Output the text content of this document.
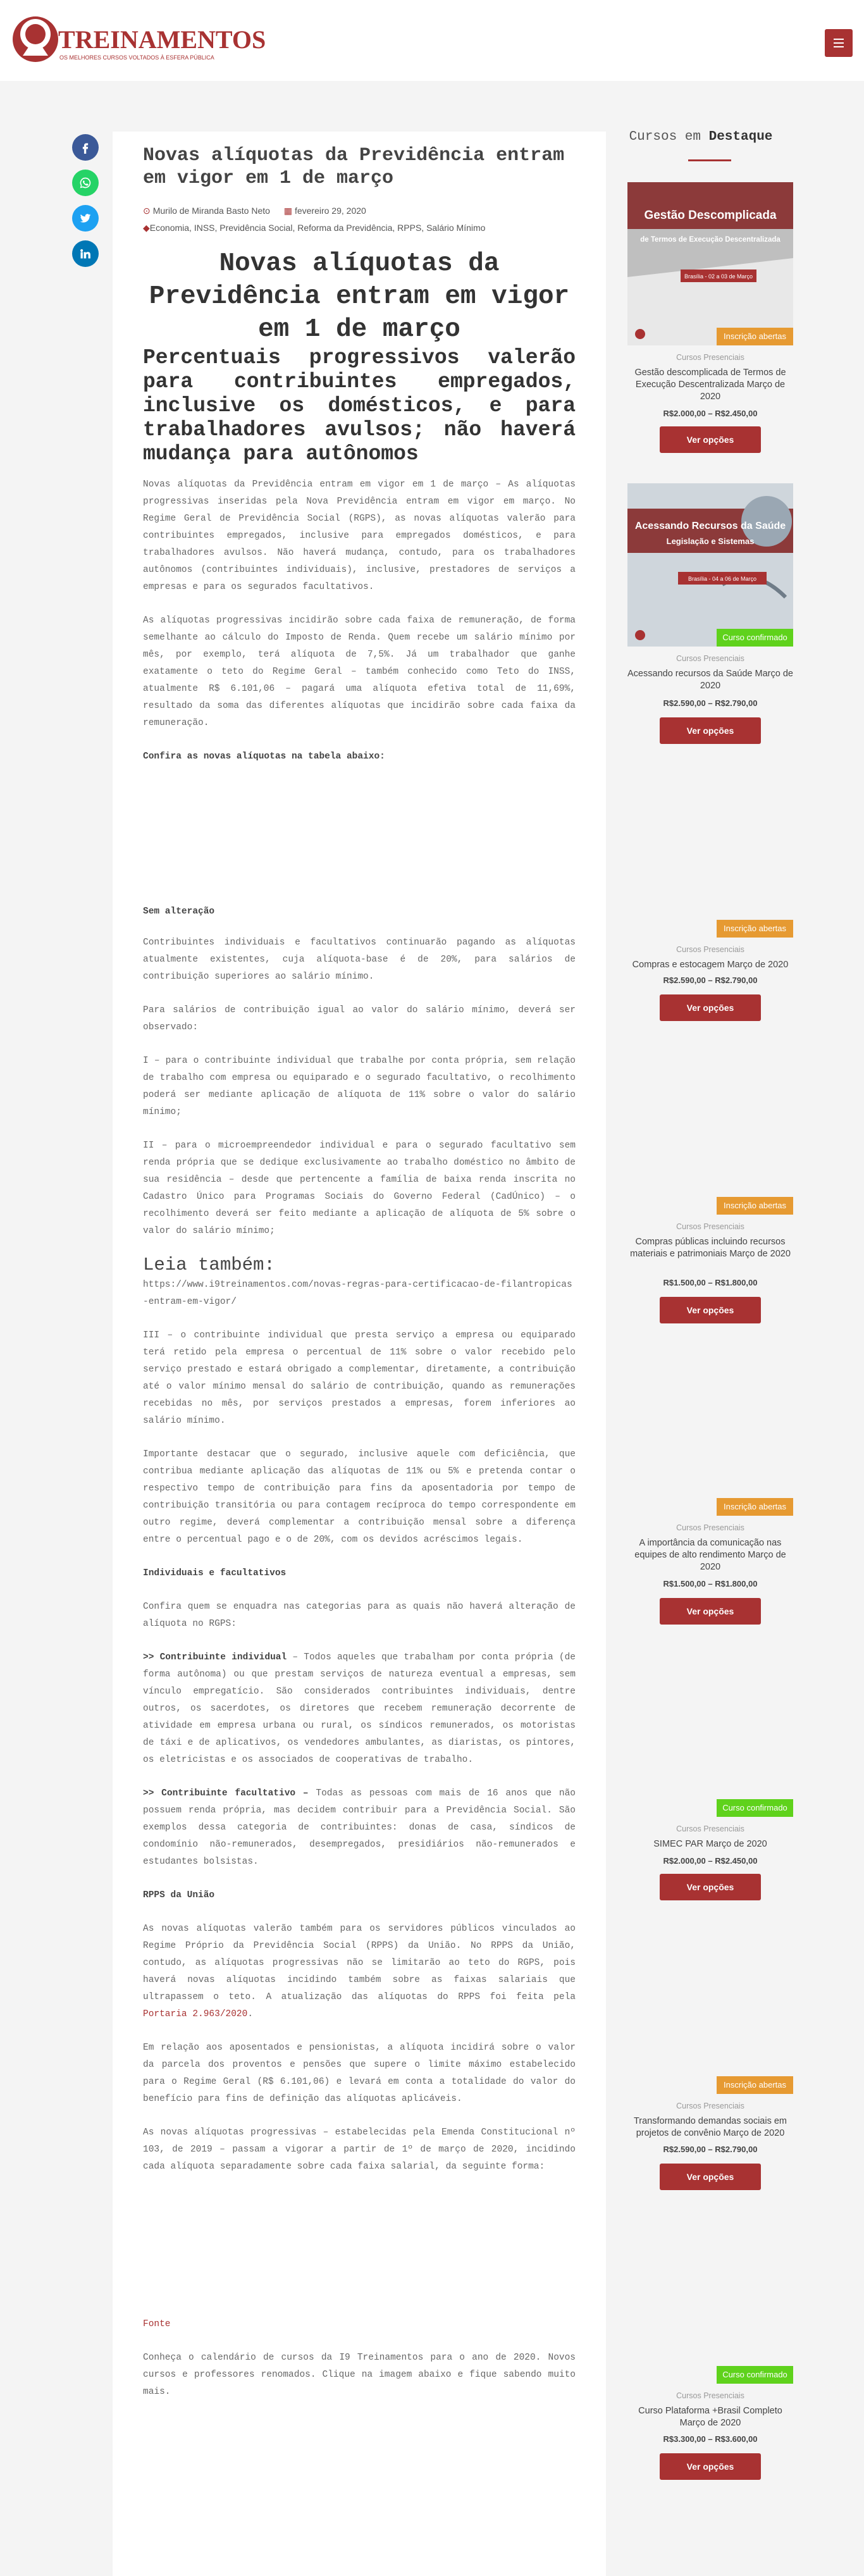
TREINAMENTOS
OS MELHORES CURSOS VOLTADOS À ESFERA PÚBLICA
Novas alíquotas da Previdência entram em vigor em 1 de março
⊙ Murilo de Miranda Basto Neto ▦ fevereiro 29, 2020
◆Economia, INSS, Previdência Social, Reforma da Previdência, RPPS, Salário Mínimo
Novas alíquotas da Previdência entram em vigor em 1 de março
Percentuais progressivos valerão para contribuintes empregados, inclusive os domésticos, e para trabalhadores avulsos; não haverá mudança para autônomos

Novas alíquotas da Previdência entram em vigor em 1 de março – As alíquotas progressivas inseridas pela Nova Previdência entram em vigor em março. No Regime Geral de Previdência Social (RGPS), as novas alíquotas valerão para contribuintes empregados, inclusive para empregados domésticos, e para trabalhadores avulsos. Não haverá mudança, contudo, para os trabalhadores autônomos (contribuintes individuais), inclusive, prestadores de serviços a empresas e para os segurados facultativos.

As alíquotas progressivas incidirão sobre cada faixa de remuneração, de forma semelhante ao cálculo do Imposto de Renda. Quem recebe um salário mínimo por mês, por exemplo, terá alíquota de 7,5%. Já um trabalhador que ganhe exatamente o teto do Regime Geral – também conhecido como Teto do INSS, atualmente R$ 6.101,06 – pagará uma alíquota efetiva total de 11,69%, resultado da soma das diferentes alíquotas que incidirão sobre cada faixa da remuneração.

Confira as novas alíquotas na tabela abaixo:

Sem alteração

Contribuintes individuais e facultativos continuarão pagando as alíquotas atualmente existentes, cuja alíquota-base é de 20%, para salários de contribuição superiores ao salário mínimo.

Para salários de contribuição igual ao valor do salário mínimo, deverá ser observado:

I – para o contribuinte individual que trabalhe por conta própria, sem relação de trabalho com empresa ou equiparado e o segurado facultativo, o recolhimento poderá ser mediante aplicação de alíquota de 11% sobre o valor do salário mínimo;

II – para o microempreendedor individual e para o segurado facultativo sem renda própria que se dedique exclusivamente ao trabalho doméstico no âmbito de sua residência – desde que pertencente a família de baixa renda inscrita no Cadastro Único para Programas Sociais do Governo Federal (CadÚnico) – o recolhimento deverá ser feito mediante a aplicação de alíquota de 5% sobre o valor do salário mínimo;

Leia também:

https://www.i9treinamentos.com/novas-regras-para-certificacao-de-filantropicas-entram-em-vigor/

III – o contribuinte individual que presta serviço a empresa ou equiparado terá retido pela empresa o percentual de 11% sobre o valor recebido pelo serviço prestado e estará obrigado a complementar, diretamente, a contribuição até o valor mínimo mensal do salário de contribuição, quando as remunerações recebidas no mês, por serviços prestados a empresas, forem inferiores ao salário mínimo.

Importante destacar que o segurado, inclusive aquele com deficiência, que contribua mediante aplicação das alíquotas de 11% ou 5% e pretenda contar o respectivo tempo de contribuição para fins da aposentadoria por tempo de contribuição transitória ou para contagem recíproca do tempo correspondente em outro regime, deverá complementar a contribuição mensal sobre a diferença entre o percentual pago e o de 20%, com os devidos acréscimos legais.

Individuais e facultativos

Confira quem se enquadra nas categorias para as quais não haverá alteração de alíquota no RGPS:

>> Contribuinte individual – Todos aqueles que trabalham por conta própria (de forma autônoma) ou que prestam serviços de natureza eventual a empresas, sem vínculo empregatício. São considerados contribuintes individuais, dentre outros, os sacerdotes, os diretores que recebem remuneração decorrente de atividade em empresa urbana ou rural, os síndicos remunerados, os motoristas de táxi e de aplicativos, os vendedores ambulantes, as diaristas, os pintores, os eletricistas e os associados de cooperativas de trabalho.

>> Contribuinte facultativo – Todas as pessoas com mais de 16 anos que não possuem renda própria, mas decidem contribuir para a Previdência Social. São exemplos dessa categoria de contribuintes: donas de casa, síndicos de condomínio não-remunerados, desempregados, presidiários não-remunerados e estudantes bolsistas.

RPPS da União

As novas alíquotas valerão também para os servidores públicos vinculados ao Regime Próprio da Previdência Social (RPPS) da União. No RPPS da União, contudo, as alíquotas progressivas não se limitarão ao teto do RGPS, pois haverá novas alíquotas incidindo também sobre as faixas salariais que ultrapassem o teto. A atualização das alíquotas do RPPS foi feita pela Portaria 2.963/2020.

Em relação aos aposentados e pensionistas, a alíquota incidirá sobre o valor da parcela dos proventos e pensões que supere o limite máximo estabelecido para o Regime Geral (R$ 6.101,06) e levará em conta a totalidade do valor do benefício para fins de definição das alíquotas aplicáveis.

As novas alíquotas progressivas – estabelecidas pela Emenda Constitucional nº 103, de 2019 – passam a vigorar a partir de 1º de março de 2020, incidindo cada alíquota separadamente sobre cada faixa salarial, da seguinte forma:

Fonte

Conheça o calendário de cursos da I9 Treinamentos para o ano de 2020. Novos cursos e professores renomados. Clique na imagem abaixo e fique sabendo muito mais.

Cursos em Destaque
Gestão Descomplicada
de Termos de Execução Descentralizada
Brasília - 02 a 03 de Março
Inscrição abertas
Cursos Presenciais
Gestão descomplicada de Termos de Execução Descentralizada Março de 2020
R$2.000,00 – R$2.450,00
Ver opções
Acessando Recursos da Saúde
Legislação e Sistemas
Brasília - 04 a 06 de Março
Curso confirmado
Cursos Presenciais
Acessando recursos da Saúde Março de 2020
R$2.590,00 – R$2.790,00
Ver opções
Inscrição abertas
Cursos Presenciais
Compras e estocagem Março de 2020
R$2.590,00 – R$2.790,00
Ver opções
Inscrição abertas
Cursos Presenciais
Compras públicas incluindo recursos materiais e patrimoniais Março de 2020
R$1.500,00 – R$1.800,00
Ver opções
Inscrição abertas
Cursos Presenciais
A importância da comunicação nas equipes de alto rendimento Março de 2020
R$1.500,00 – R$1.800,00
Ver opções
Curso confirmado
Cursos Presenciais
SIMEC PAR Março de 2020
R$2.000,00 – R$2.450,00
Ver opções
Inscrição abertas
Cursos Presenciais
Transformando demandas sociais em projetos de convênio Março de 2020
R$2.590,00 – R$2.790,00
Ver opções
Curso confirmado
Cursos Presenciais
Curso Plataforma +Brasil Completo Março de 2020
R$3.300,00 – R$3.600,00
Ver opções
